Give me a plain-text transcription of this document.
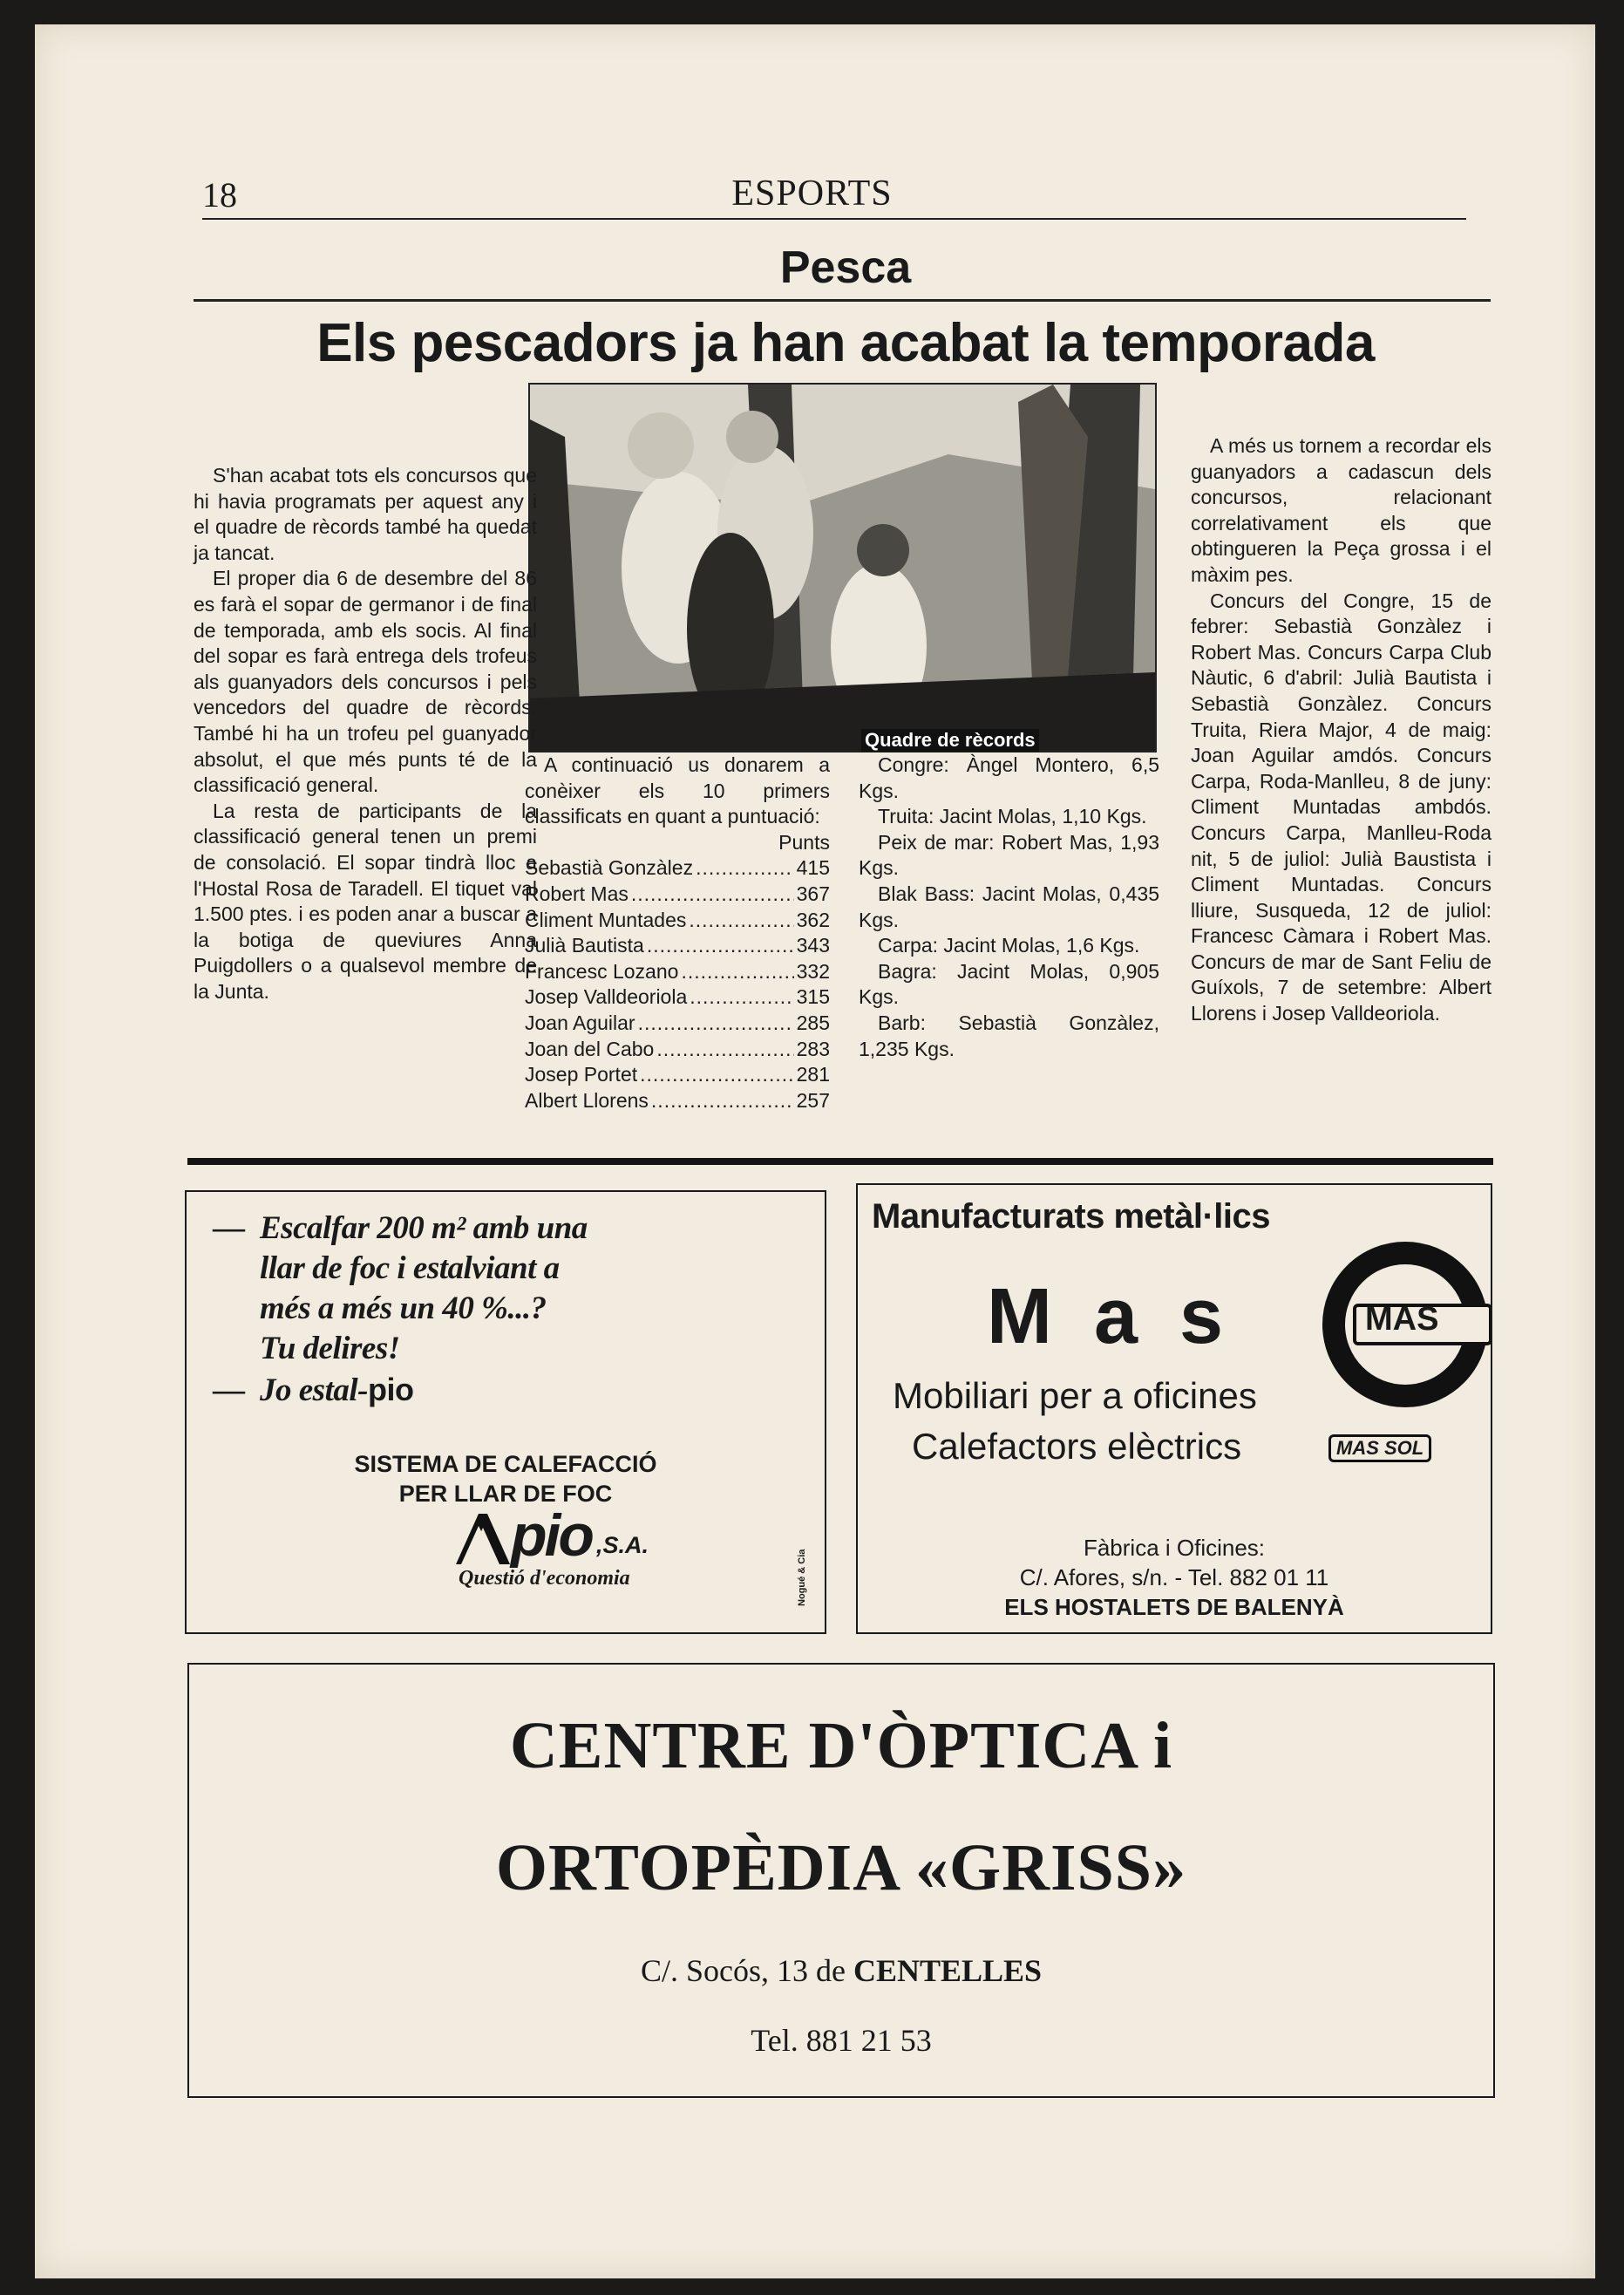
18	ESPORTS
Pesca
Els pescadors ja han acabat la temporada
Quadre de rècords

S'han acabat tots els concursos que hi havia programats per aquest any i el quadre de rècords també ha quedat ja tancat.

El proper dia 6 de desembre del 86 es farà el sopar de germanor i de final de temporada, amb els socis. Al final del sopar es farà entrega dels trofeus als guanyadors dels concursos i pels vencedors del quadre de rècords. També hi ha un trofeu pel guanyador absolut, el que més punts té de la classificació general.

La resta de participants de la classificació general tenen un premi de consolació. El sopar tindrà lloc a l'Hostal Rosa de Taradell. El tiquet val 1.500 ptes. i es poden anar a buscar a la botiga de queviures Anna Puigdollers o a qualsevol membre de la Junta.

A continuació us donarem a conèixer els 10 primers classificats en quant a puntuació:

Punts
Sebastià Gonzàlez .....	415
Robert Mas .....	367
Climent Muntades .....	362
Julià Bautista .....	343
Francesc Lozano .....	332
Josep Valldeoriola .....	315
Joan Aguilar .....	285
Joan del Cabo .....	283
Josep Portet .....	281
Albert Llorens .....	257

Congre: Àngel Montero, 6,5 Kgs.

Truita: Jacint Molas, 1,10 Kgs.

Peix de mar: Robert Mas, 1,93 Kgs.

Blak Bass: Jacint Molas, 0,435 Kgs.

Carpa: Jacint Molas, 1,6 Kgs.

Bagra: Jacint Molas, 0,905 Kgs.

Barb: Sebastià Gonzàlez, 1,235 Kgs.

A més us tornem a recordar els guanyadors a cadascun dels concursos, relacionant correlativament els que obtingueren la Peça grossa i el màxim pes.

Concurs del Congre, 15 de febrer: Sebastià Gonzàlez i Robert Mas. Concurs Carpa Club Nàutic, 6 d'abril: Julià Bautista i Sebastià Gonzàlez. Concurs Truita, Riera Major, 4 de maig: Joan Aguilar amdós. Concurs Carpa, Roda-Manlleu, 8 de juny: Climent Muntadas ambdós. Concurs Carpa, Manlleu-Roda nit, 5 de juliol: Julià Baustista i Climent Muntadas. Concurs lliure, Susqueda, 12 de juliol: Francesc Càmara i Robert Mas. Concurs de mar de Sant Feliu de Guíxols, 7 de setembre: Albert Llorens i Josep Valldeoriola.

— Escalfar 200 m² amb una
llar de foc i estalviant a
més a més un 40 %...?
Tu delires!
— Jo estal-pio
SISTEMA DE CALEFACCIÓ
PER LLAR DE FOC
pio ,S.A.
Questió d'economia	Nogué & Cia
Manufacturats metàl·lics
Mas	MAS
Mobiliari per a oficines
Calefactors elèctrics	MAS SOL
Fàbrica i Oficines:
C/. Afores, s/n. - Tel. 882 01 11
ELS HOSTALETS DE BALENYÀ
CENTRE D'ÒPTICA i
ORTOPÈDIA «GRISS»
C/. Socós, 13 de CENTELLES
Tel. 881 21 53
